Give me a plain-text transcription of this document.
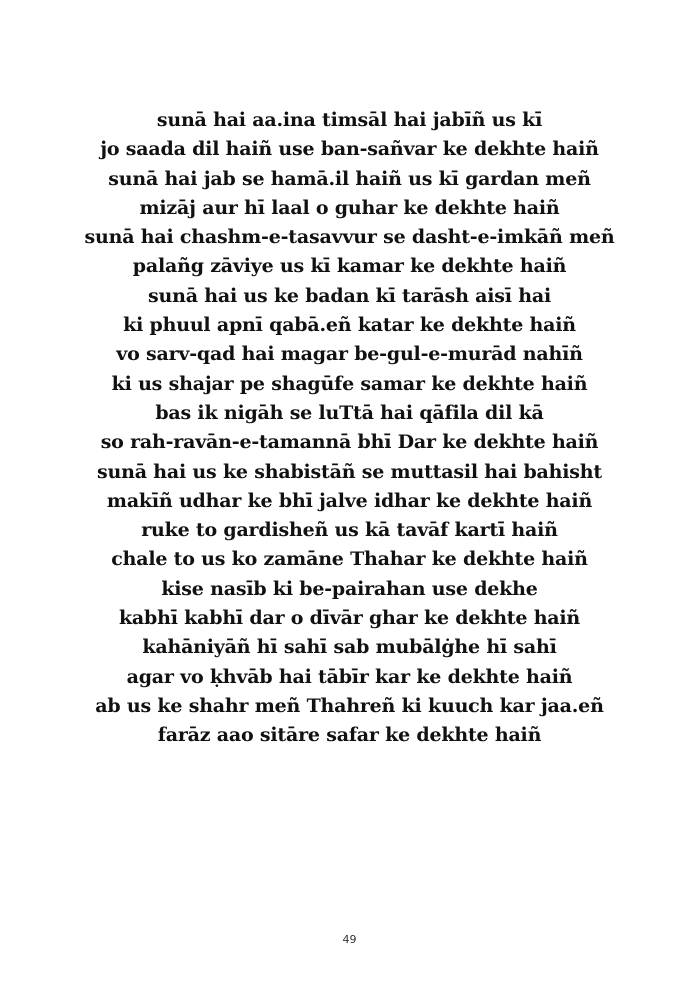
sunā hai aa.ina timsāl hai jabīñ us kī
jo saada dil haiñ use ban-sañvar ke dekhte haiñ
sunā hai jab se hamā.il haiñ us kī gardan meñ
mizāj aur hī laal o guhar ke dekhte haiñ
sunā hai chashm-e-tasavvur se dasht-e-imkāñ meñ
palañg zāviye us kī kamar ke dekhte haiñ
sunā hai us ke badan kī tarāsh aisī hai
ki phuul apnī qabā.eñ katar ke dekhte haiñ
vo sarv-qad hai magar be-gul-e-murād nahīñ
ki us shajar pe shagūfe samar ke dekhte haiñ
bas ik nigāh se luTtā hai qāfila dil kā
so rah-ravān-e-tamannā bhī Dar ke dekhte haiñ
sunā hai us ke shabistāñ se muttasil hai bahisht
makīñ udhar ke bhī jalve idhar ke dekhte haiñ
ruke to gardisheñ us kā tavāf kartī haiñ
chale to us ko zamāne Thahar ke dekhte haiñ
kise nasīb ki be-pairahan use dekhe
kabhī kabhī dar o dīvār ghar ke dekhte haiñ
kahāniyāñ hī sahī sab mubālġhe hī sahī
agar vo ḳhvāb hai tābīr kar ke dekhte haiñ
ab us ke shahr meñ Thahreñ ki kuuch kar jaa.eñ
farāz aao sitāre safar ke dekhte haiñ
49
